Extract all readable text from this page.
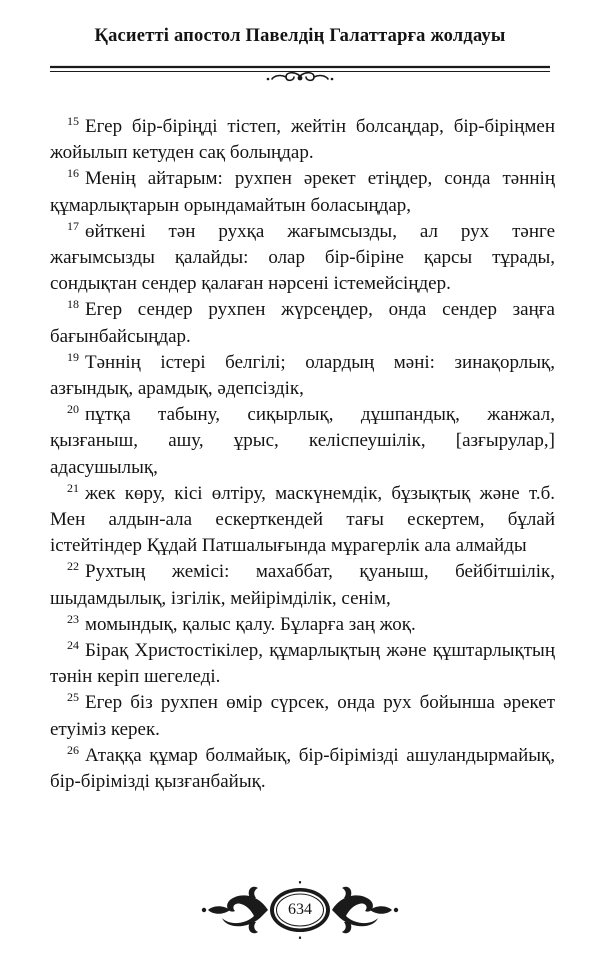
Қасиетті апостол Павелдің Галаттарға жолдауы

$^{15}$ Егер бір-біріңді тістеп, жейтін болсаңдар, бір-біріңмен жойылып кетуден сақ болыңдар.

$^{16}$ Менің айтарым: рухпен әрекет етіңдер, сонда тәннің құмарлықтарын орындамайтын боласыңдар,

$^{17}$ өйткені тән рухқа жағымсызды, ал рух тәнге жағымсызды қалайды: олар бір-біріне қарсы тұрады, сондықтан сендер қалаған нәрсені істемейсіңдер.

$^{18}$ Егер сендер рухпен жүрсеңдер, онда сендер заңға бағынбайсыңдар.

$^{19}$ Тәннің істері белгілі; олардың мәні: зинақорлық, азғындық, арамдық, әдепсіздік,

$^{20}$ пұтқа табыну, сиқырлық, дұшпандық, жанжал, қызғаныш, ашу, ұрыс, келіспеушілік, [азғырулар,] адасушылық,

$^{21}$ жек көру, кісі өлтіру, маскүнемдік, бұзықтық және т.б. Мен алдын-ала ескерткендей тағы ескертем, бұлай істейтіндер Құдай Патшалығында мұрагерлік ала алмайды

$^{22}$ Рухтың жемісі: махаббат, қуаныш, бейбітшілік, шыдамдылық, ізгілік, мейірімділік, сенім,

$^{23}$ момындық, қалыс қалу. Бұларға заң жоқ.

$^{24}$ Бірақ Христостікілер, құмарлықтың және құштарлықтың тәнін керіп шегеледі.

$^{25}$ Егер біз рухпен өмір сүрсек, онда рух бойынша әрекет етуіміз керек.

$^{26}$ Атаққа құмар болмайық, бір-бірімізді ашуландырмайық, бір-бірімізді қызғанбайық.

634
